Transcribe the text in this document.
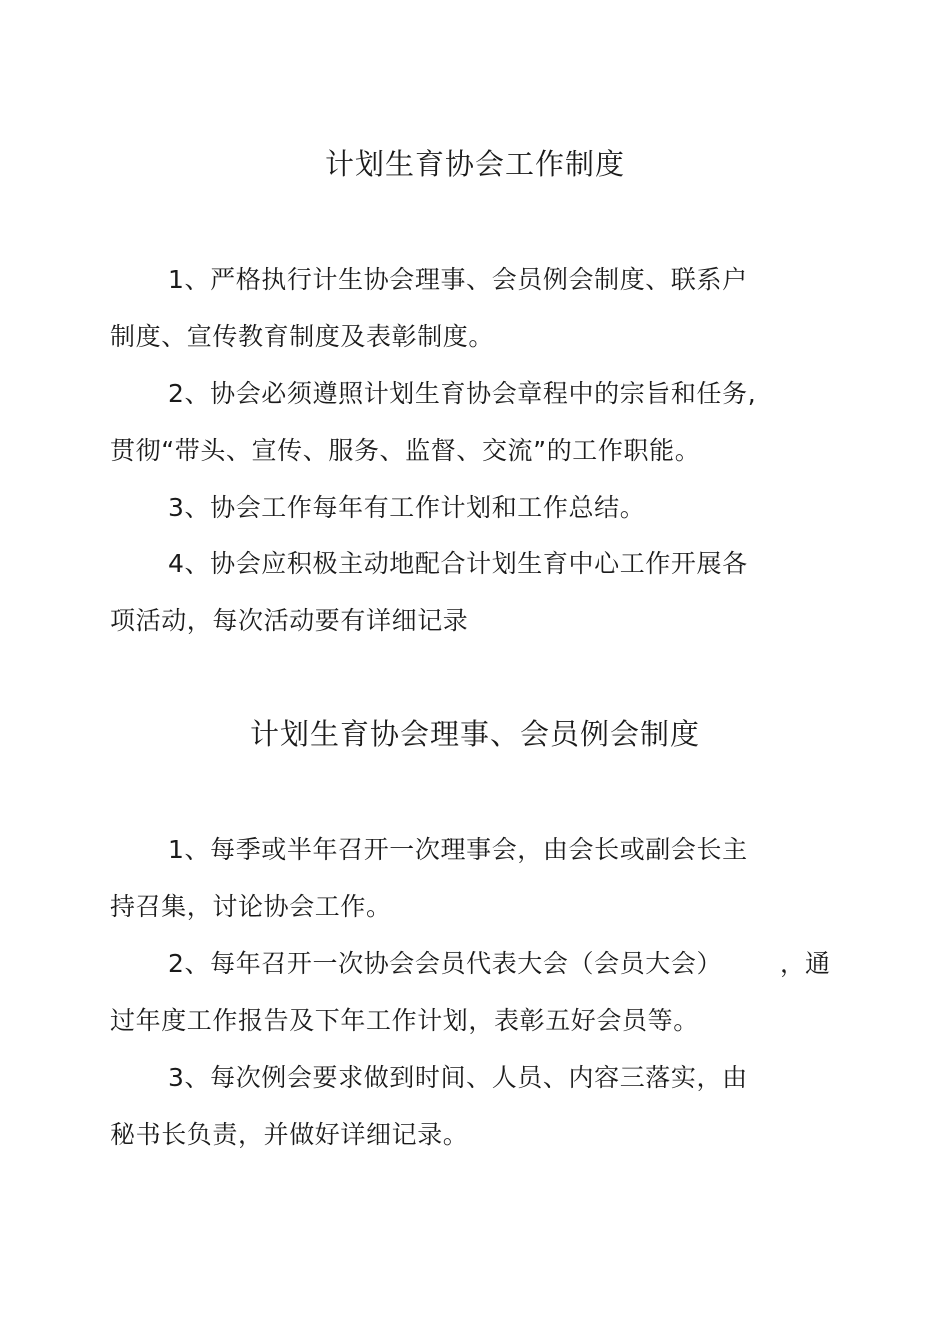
计划生育协会工作制度
1、严格执行计生协会理事、会员例会制度、联系户
制度、宣传教育制度及表彰制度。
2、协会必须遵照计划生育协会章程中的宗旨和任务,
贯彻“带头、宣传、服务、监督、交流”的工作职能。
3、协会工作每年有工作计划和工作总结。
4、协会应积极主动地配合计划生育中心工作开展各
项活动，每次活动要有详细记录
计划生育协会理事、会员例会制度
1、每季或半年召开一次理事会，由会长或副会长主
持召集，讨论协会工作。
2、每年召开一次协会会员代表大会（会员大会） ，通
过年度工作报告及下年工作计划，表彰五好会员等。
3、每次例会要求做到时间、人员、内容三落实，由
秘书长负责，并做好详细记录。
